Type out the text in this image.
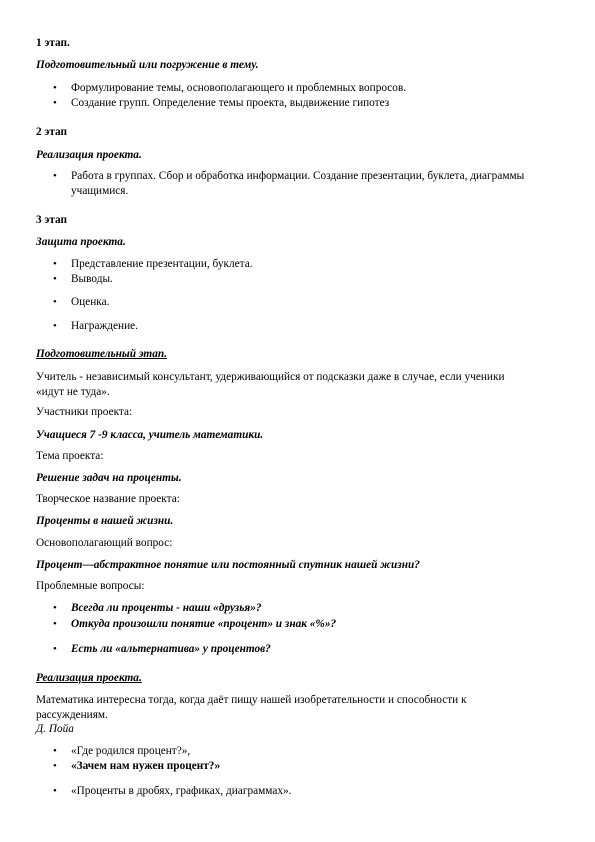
1 этап.
Подготовительный или погружение в тему.
• Формулирование темы, основополагающего и проблемных вопросов.
• Создание групп. Определение темы проекта, выдвижение гипотез
2 этап
Реализация проекта.
• Работа в группах. Сбор и обработка информации. Создание презентации, буклета, диаграммы
учащимися.
3 этап
Защита проекта.
• Представление презентации, буклета.
• Выводы.
• Оценка.
• Награждение.
Подготовительный этап.
Учитель - независимый консультант, удерживающийся от подсказки даже в случае, если ученики
«идут не туда».
Участники проекта:
Учащиеся 7 -9 класса, учитель математики.
Тема проекта:
Решение задач на проценты.
Творческое название проекта:
Проценты в нашей жизни.
Основополагающий вопрос:
Процент—абстрактное понятие или постоянный спутник нашей жизни?
Проблемные вопросы:
• Всегда ли проценты - наши «друзья»?
• Откуда произошли понятие «процент» и знак «%»?
• Есть ли «альтернатива» у процентов?
Реализация проекта.
Математика интересна тогда, когда даёт пищу нашей изобретательности и способности к
рассуждениям.
Д. Пойа
• «Где родился процент?»,
• «Зачем нам нужен процент?»
• «Проценты в дробях, графиках, диаграммах».
